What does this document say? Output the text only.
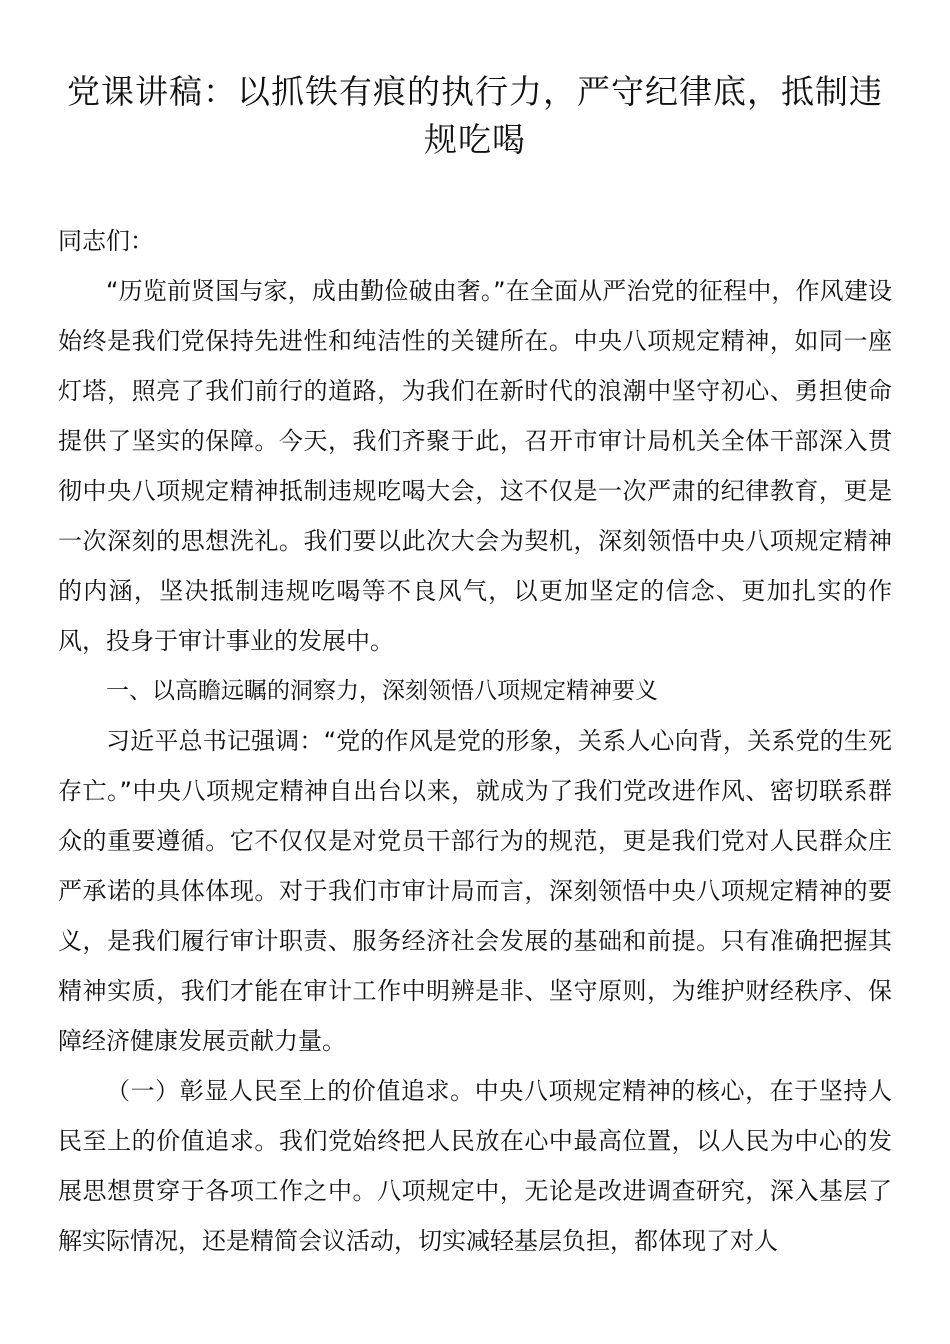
党课讲稿：以抓铁有痕的执行力，严守纪律底，抵制违规吃喝

同志们：

“历览前贤国与家，成由勤俭破由奢。”在全面从严治党的征程中，作风建设始终是我们党保持先进性和纯洁性的关键所在。中央八项规定精神，如同一座灯塔，照亮了我们前行的道路，为我们在新时代的浪潮中坚守初心、勇担使命提供了坚实的保障。今天，我们齐聚于此，召开市审计局机关全体干部深入贯彻中央八项规定精神抵制违规吃喝大会，这不仅是一次严肃的纪律教育，更是一次深刻的思想洗礼。我们要以此次大会为契机，深刻领悟中央八项规定精神的内涵，坚决抵制违规吃喝等不良风气，以更加坚定的信念、更加扎实的作风，投身于审计事业的发展中。

一、以高瞻远瞩的洞察力，深刻领悟八项规定精神要义

习近平总书记强调：“党的作风是党的形象，关系人心向背，关系党的生死存亡。”中央八项规定精神自出台以来，就成为了我们党改进作风、密切联系群众的重要遵循。它不仅仅是对党员干部行为的规范，更是我们党对人民群众庄严承诺的具体体现。对于我们市审计局而言，深刻领悟中央八项规定精神的要义，是我们履行审计职责、服务经济社会发展的基础和前提。只有准确把握其精神实质，我们才能在审计工作中明辨是非、坚守原则，为维护财经秩序、保障经济健康发展贡献力量。

（一）彰显人民至上的价值追求。中央八项规定精神的核心，在于坚持人民至上的价值追求。我们党始终把人民放在心中最高位置，以人民为中心的发展思想贯穿于各项工作之中。八项规定中，无论是改进调查研究，深入基层了解实际情况，还是精简会议活动，切实减轻基层负担，都体现了对人
